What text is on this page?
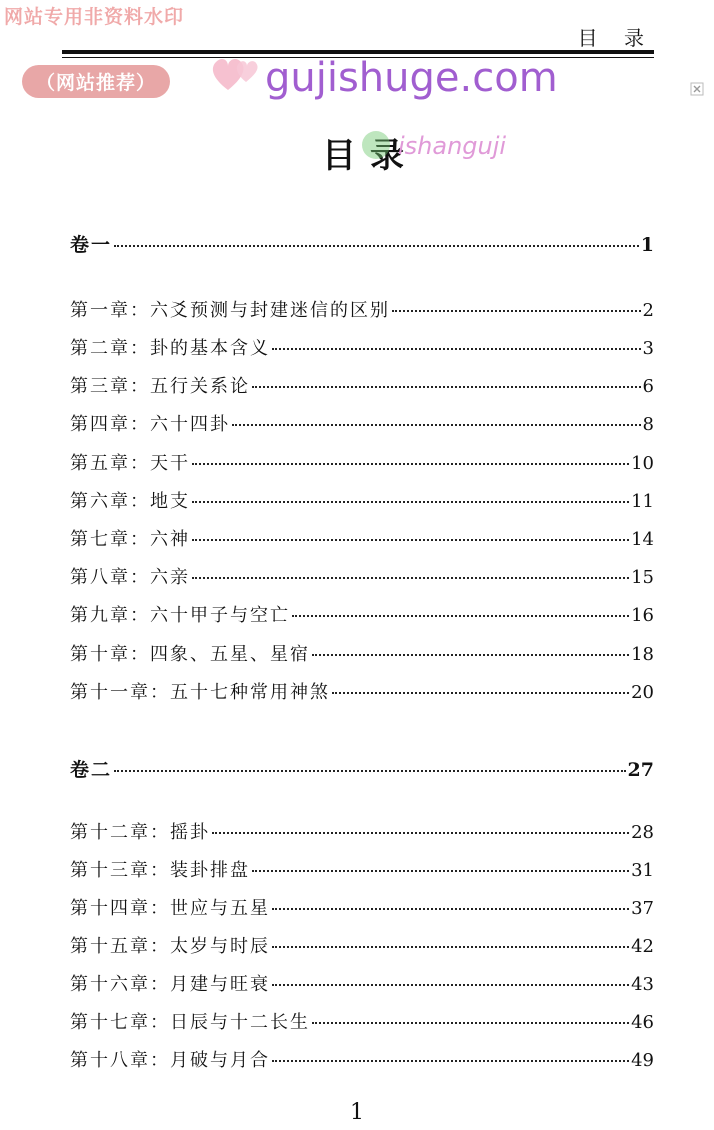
网站专用非资料水印
目 录
（网站推荐）	gujishuge.com
目录
ishanguji
卷一	1
第一章：六爻预测与封建迷信的区别	2
第二章：卦的基本含义	3
第三章：五行关系论	6
第四章：六十四卦	8
第五章：天干	10
第六章：地支	11
第七章：六神	14
第八章：六亲	15
第九章：六十甲子与空亡	16
第十章：四象、五星、星宿	18
第十一章：五十七种常用神煞	20
卷二	27
第十二章：摇卦	28
第十三章：装卦排盘	31
第十四章：世应与五星	37
第十五章：太岁与时辰	42
第十六章：月建与旺衰	43
第十七章：日辰与十二长生	46
第十八章：月破与月合	49
1
